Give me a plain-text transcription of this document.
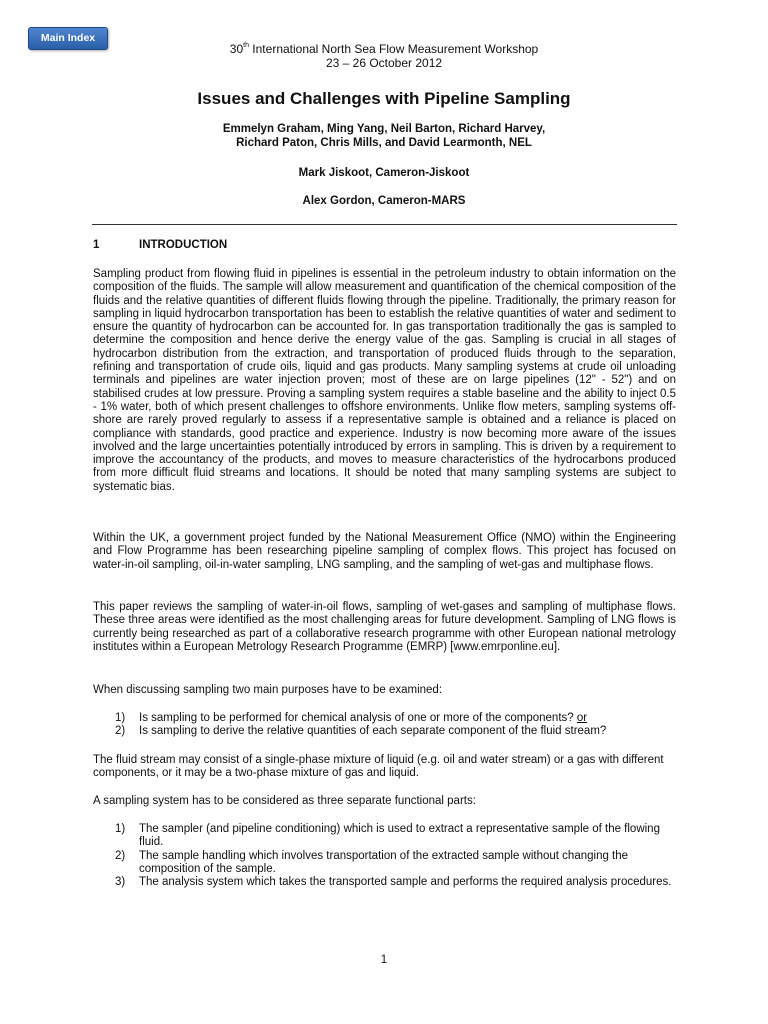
Main Index
30th International North Sea Flow Measurement Workshop
23 – 26 October 2012
Issues and Challenges with Pipeline Sampling
Emmelyn Graham, Ming Yang, Neil Barton, Richard Harvey,
Richard Paton, Chris Mills, and David Learmonth, NEL
Mark Jiskoot, Cameron-Jiskoot
Alex Gordon, Cameron-MARS
1	INTRODUCTION

Sampling product from flowing fluid in pipelines is essential in the petroleum industry to obtain information on the composition of the fluids. The sample will allow measurement and quantification of the chemical composition of the fluids and the relative quantities of different fluids flowing through the pipeline. Traditionally, the primary reason for sampling in liquid hydrocarbon transportation has been to establish the relative quantities of water and sediment to ensure the quantity of hydrocarbon can be accounted for. In gas transportation traditionally the gas is sampled to determine the composition and hence derive the energy value of the gas. Sampling is crucial in all stages of hydrocarbon distribution from the extraction, and transportation of produced fluids through to the separation, refining and transportation of crude oils, liquid and gas products. Many sampling systems at crude oil unloading terminals and pipelines are water injection proven; most of these are on large pipelines (12" - 52") and on stabilised crudes at low pressure. Proving a sampling system requires a stable baseline and the ability to inject 0.5 - 1% water, both of which present challenges to offshore environments. Unlike flow meters, sampling systems off-shore are rarely proved regularly to assess if a representative sample is obtained and a reliance is placed on compliance with standards, good practice and experience. Industry is now becoming more aware of the issues involved and the large uncertainties potentially introduced by errors in sampling. This is driven by a requirement to improve the accountancy of the products, and moves to measure characteristics of the hydrocarbons produced from more difficult fluid streams and locations. It should be noted that many sampling systems are subject to systematic bias.

Within the UK, a government project funded by the National Measurement Office (NMO) within the Engineering and Flow Programme has been researching pipeline sampling of complex flows. This project has focused on water-in-oil sampling, oil-in-water sampling, LNG sampling, and the sampling of wet-gas and multiphase flows.

This paper reviews the sampling of water-in-oil flows, sampling of wet-gases and sampling of multiphase flows. These three areas were identified as the most challenging areas for future development. Sampling of LNG flows is currently being researched as part of a collaborative research programme with other European national metrology institutes within a European Metrology Research Programme (EMRP) [www.emrponline.eu].

When discussing sampling two main purposes have to be examined:

1) Is sampling to be performed for chemical analysis of one or more of the components? or
2) Is sampling to derive the relative quantities of each separate component of the fluid stream?

The fluid stream may consist of a single-phase mixture of liquid (e.g. oil and water stream) or a gas with different components, or it may be a two-phase mixture of gas and liquid.

A sampling system has to be considered as three separate functional parts:

1) The sampler (and pipeline conditioning) which is used to extract a representative sample of the flowing fluid.
2) The sample handling which involves transportation of the extracted sample without changing the composition of the sample.
3) The analysis system which takes the transported sample and performs the required analysis procedures.
1
